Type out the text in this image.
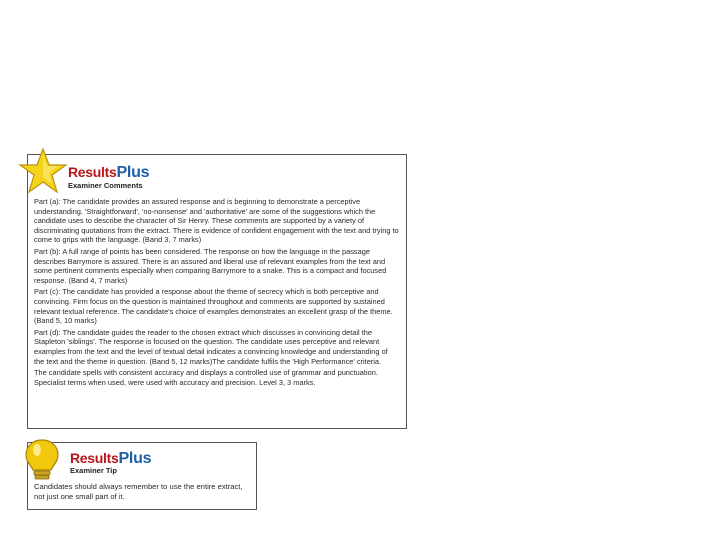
ResultsPlus
Examiner Comments

Part (a): The candidate provides an assured response and is beginning to demonstrate a perceptive understanding. 'Straightforward', 'no-nonsense' and 'authoritative' are some of the suggestions which the candidate uses to describe the character of Sir Henry. These comments are supported by a variety of discriminating quotations from the extract. There is evidence of confident engagement with the text and trying to come to grips with the language. (Band 3, 7 marks)

Part (b): A full range of points has been considered. The response on how the language in the passage describes Barrymore is assured. There is an assured and liberal use of relevant examples from the text and some pertinent comments especially when comparing Barrymore to a snake. This is a compact and focused response. (Band 4, 7 marks)

Part (c): The candidate has provided a response about the theme of secrecy which is both perceptive and convincing. Firm focus on the question is maintained throughout and comments are supported by sustained relevant textual reference. The candidate's choice of examples demonstrates an excellent grasp of the theme. (Band 5, 10 marks)

Part (d): The candidate guides the reader to the chosen extract which discusses in convincing detail the Stapleton 'siblings'. The response is focused on the question. The candidate uses perceptive and relevant examples from the text and the level of textual detail indicates a convincing knowledge and understanding of the text and the theme in question. (Band 5, 12 marks)The candidate fulfils the 'High Performance' criteria.

The candidate spells with consistent accuracy and displays a controlled use of grammar and punctuation. Specialist terms when used, were used with accuracy and precision. Level 3, 3 marks.

ResultsPlus
Examiner Tip
Candidates should always remember to use the entire extract, not just one small part of it.
